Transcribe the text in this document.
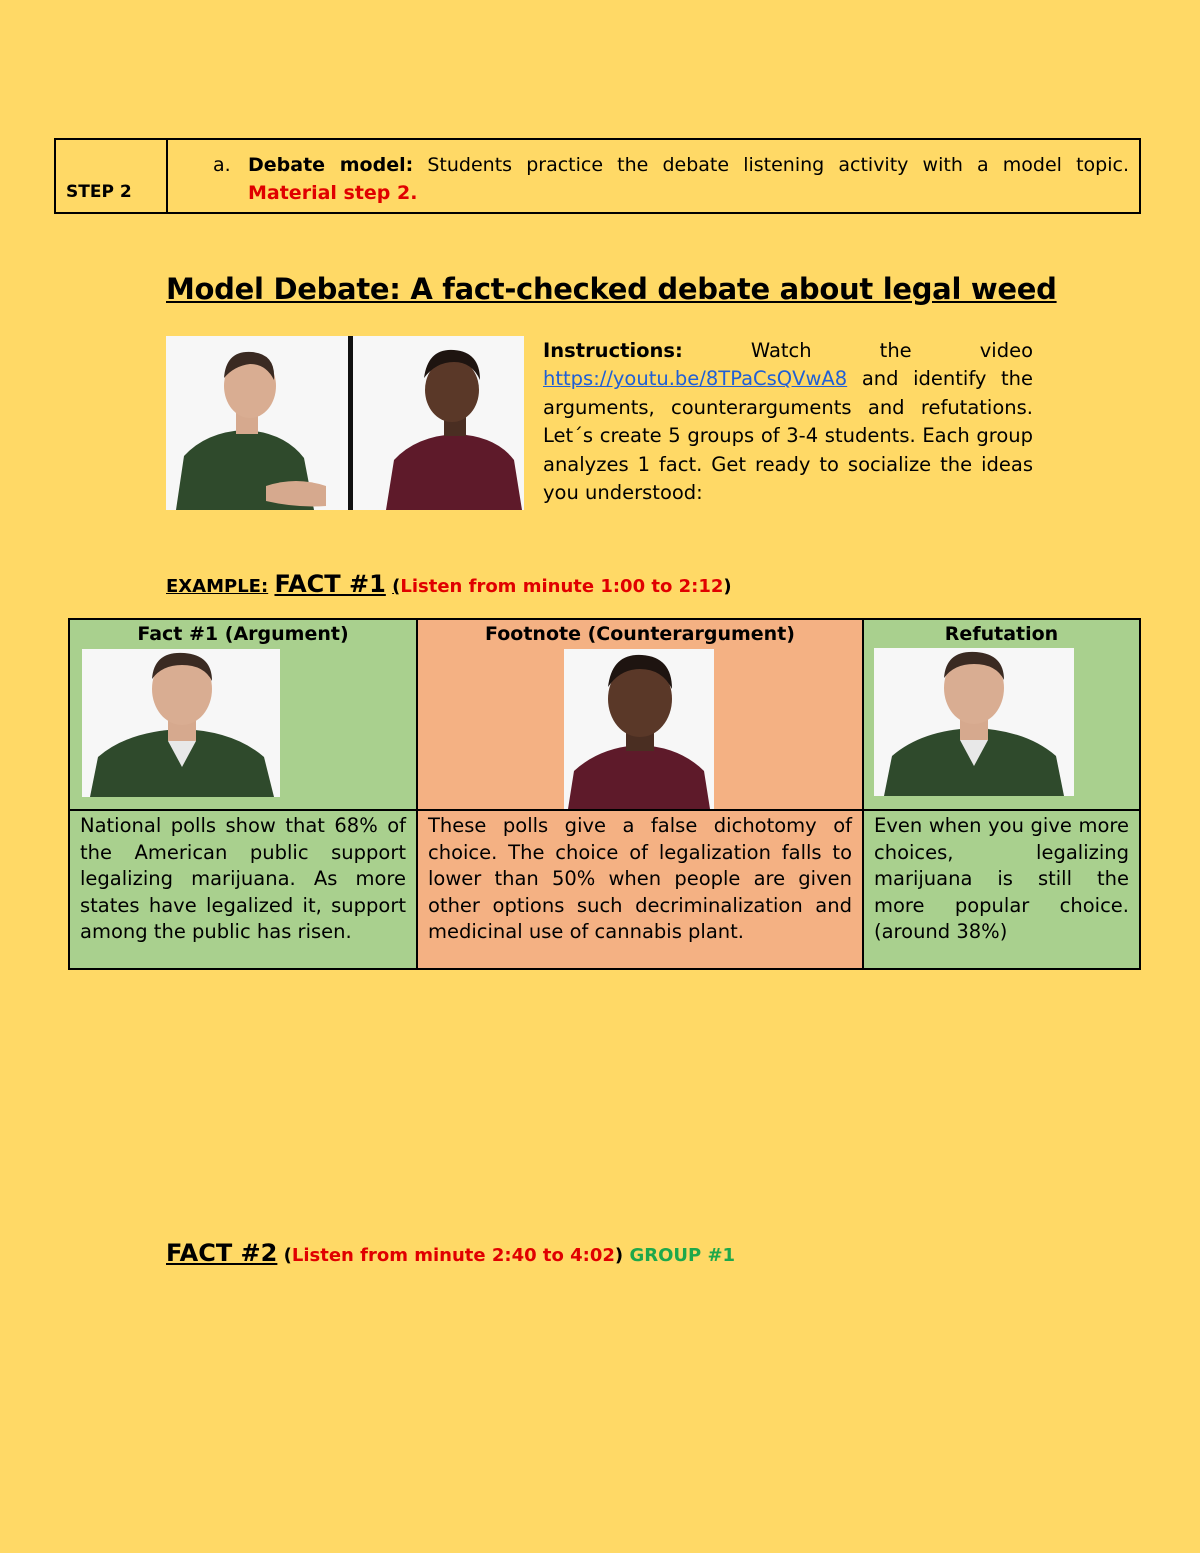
STEP 2
a. Debate model: Students practice the debate listening activity with a model topic.
Material step 2.
Model Debate: A fact-checked debate about legal weed
Instructions:	Watch the video https://youtu.be/8TPaCsQVwA8 and identify the arguments, counterarguments and refutations. Let´s create 5 groups of 3-4 students. Each group analyzes 1 fact. Get ready to socialize the ideas you understood:
EXAMPLE: FACT #1 (Listen from minute 1:00 to 2:12)
Fact #1 (Argument)
National polls show that 68% of the American public support legalizing marijuana. As more states have legalized it, support among the public has risen.
Footnote (Counterargument)
These polls give a false dichotomy of choice. The choice of legalization falls to lower than 50% when people are given other options such decriminalization and medicinal use of cannabis plant.
Refutation
Even when you give more choices, legalizing marijuana is still the more popular choice. (around 38%)
FACT #2 (Listen from minute 2:40 to 4:02) GROUP #1
